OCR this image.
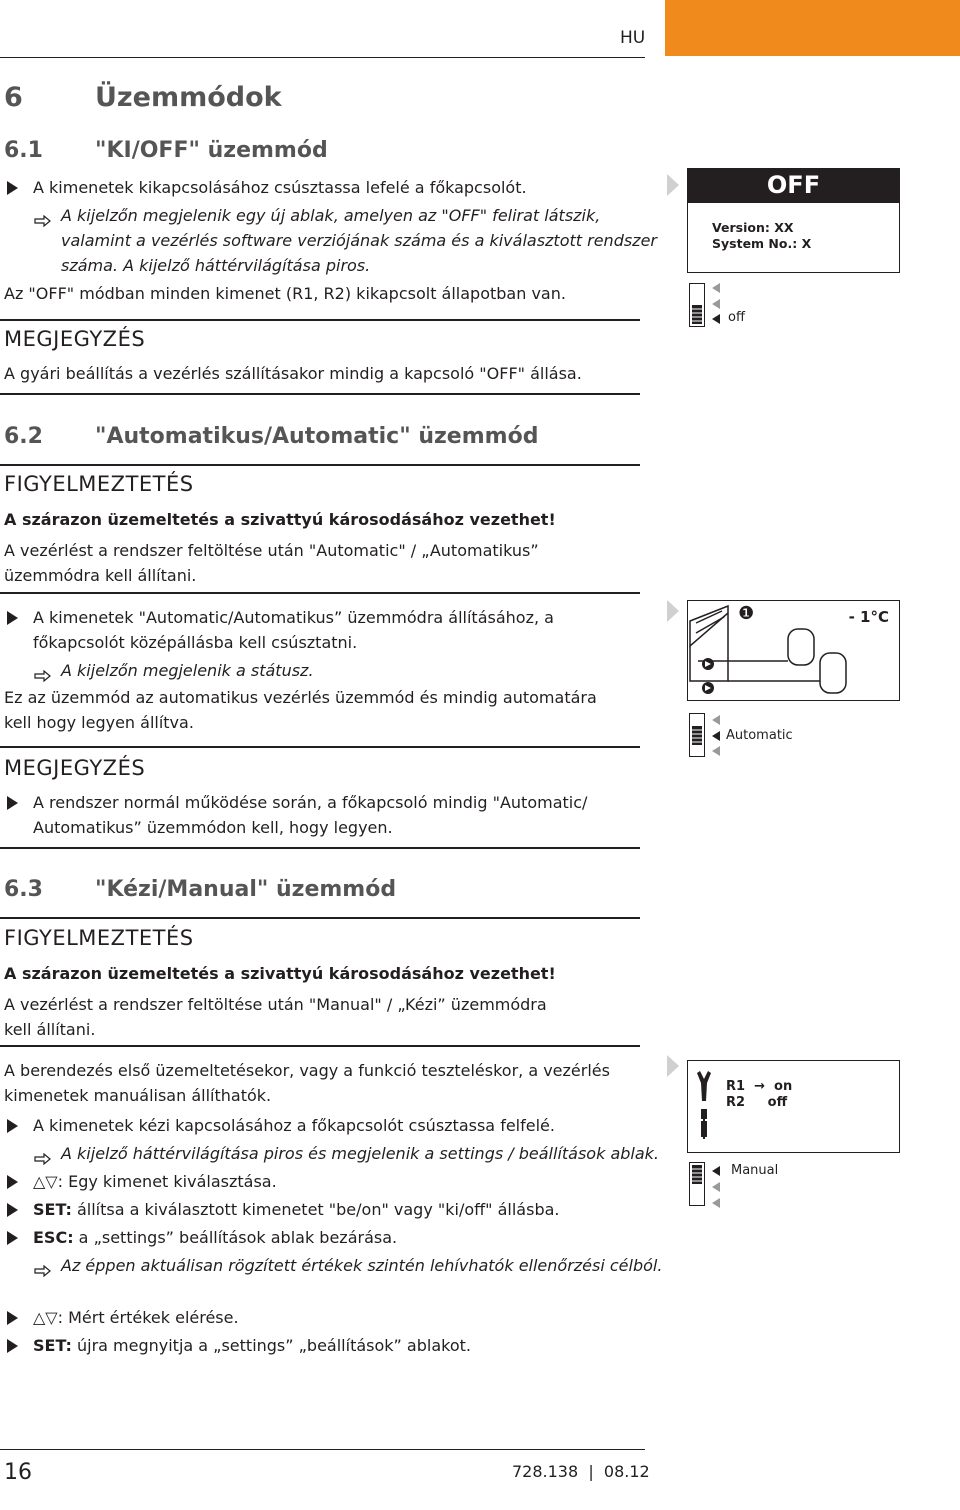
HU
6	Üzemmódok
6.1 "KI/OFF" üzemmód
A kimenetek kikapcsolásához csúsztassa lefelé a főkapcsolót.
A kijelzőn megjelenik egy új ablak, amelyen az "OFF" felirat látszik,
valamint a vezérlés software verziójának száma és a kiválasztott rendszer
száma. A kijelző háttérvilágítása piros.
Az "OFF" módban minden kimenet (R1, R2) kikapcsolt állapotban van.
MEGJEGYZÉS
A gyári beállítás a vezérlés szállításakor mindig a kapcsoló "OFF" állása.
6.2 "Automatikus/Automatic" üzemmód
FIGYELMEZTETÉS
A szárazon üzemeltetés a szivattyú károsodásához vezethet!
A vezérlést a rendszer feltöltése után "Automatic" / „Automatikus”
üzemmódra kell állítani.
A kimenetek "Automatic/Automatikus” üzemmódra állításához, a
főkapcsolót középállásba kell csúsztatni.
A kijelzőn megjelenik a státusz.
Ez az üzemmód az automatikus vezérlés üzemmód és mindig automatára
kell hogy legyen állítva.
MEGJEGYZÉS
A rendszer normál működése során, a főkapcsoló mindig "Automatic/
Automatikus” üzemmódon kell, hogy legyen.
6.3 "Kézi/Manual" üzemmód
FIGYELMEZTETÉS
A szárazon üzemeltetés a szivattyú károsodásához vezethet!
A vezérlést a rendszer feltöltése után "Manual" / „Kézi” üzemmódra
kell állítani.
A berendezés első üzemeltetésekor, vagy a funkció teszteléskor, a vezérlés
kimenetek manuálisan állíthatók.
A kimenetek kézi kapcsolásához a főkapcsolót csúsztassa felfelé.
A kijelző háttérvilágítása piros és megjelenik a settings / beállítások ablak.
△▽: Egy kimenet kiválasztása.
SET: állítsa a kiválasztott kimenetet "be/on" vagy "ki/off" állásba.
ESC: a „settings” beállítások ablak bezárása.
Az éppen aktuálisan rögzített értékek szintén lehívhatók ellenőrzési célból.
△▽: Mért értékek elérése.
SET: újra megnyitja a „settings” „beállítások” ablakot.
16	728.138  |  08.12
OFF
Version: XX
System No.: X
off
❶	- 1°C
Automatic
R1  →  on
R2     off
Manual
